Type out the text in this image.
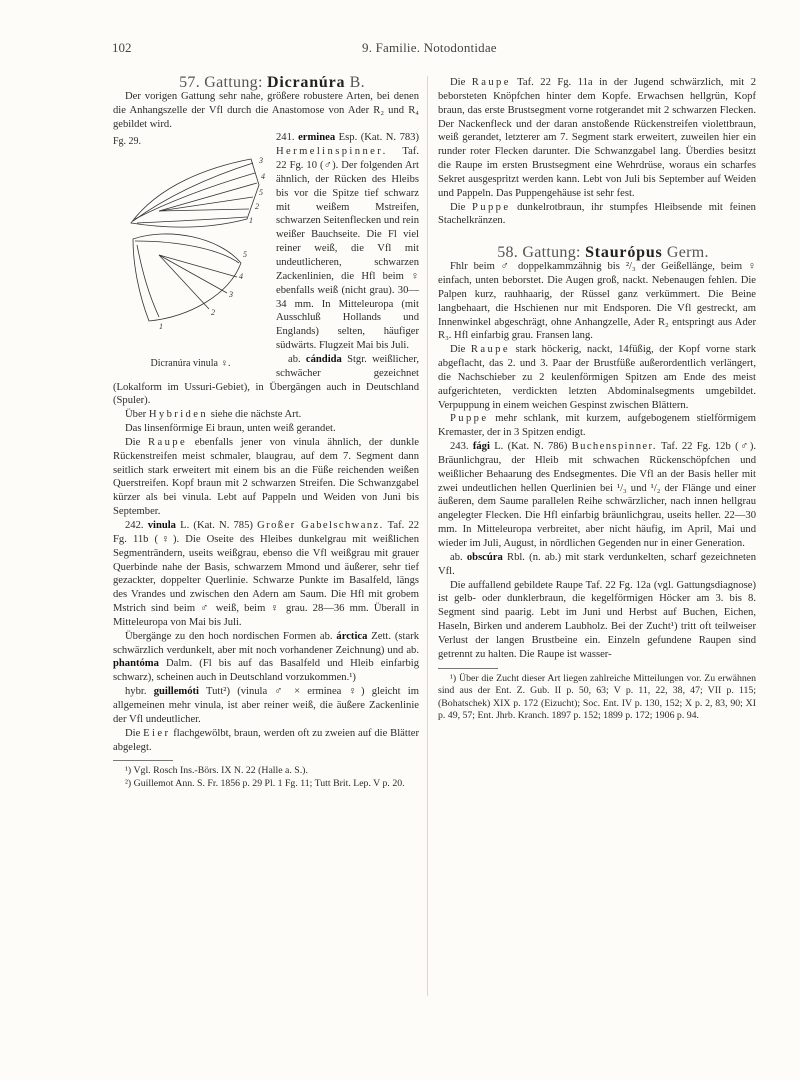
102	9. Familie. Notodontidae

57. Gattung: Dicranúra B.

Der vorigen Gattung sehr nahe, größere robustere Arten, bei denen die Anhangszelle der Vfl durch die Anastomose von Ader R₂ und R₄ gebildet wird.

Fg. 29.
3
4
5
2
1
5
4
3
2
1
Dicranúra vinula ♀.

241. erminea Esp. (Kat. N. 783) Hermelinspinner. Taf. 22 Fg. 10 (♂). Der folgenden Art ähnlich, der Rücken des Hleibs bis vor die Spitze tief schwarz mit weißem Mstreifen, schwarzen Seitenflecken und rein weißer Bauchseite. Die Fl viel reiner weiß, die Vfl mit undeutlicheren, schwarzen Zackenlinien, die Hfl beim ♀ ebenfalls weiß (nicht grau). 30—34 mm. In Mitteleuropa (mit Ausschluß Hollands und Englands) selten, häufiger südwärts. Flugzeit Mai bis Juli.

ab. cándida Stgr. weißlicher, schwächer gezeichnet (Lokalform im Ussuri-Gebiet), in Übergängen auch in Deutschland (Spuler).

Über Hybriden siehe die nächste Art.

Das linsenförmige Ei braun, unten weiß gerandet.

Die Raupe ebenfalls jener von vinula ähnlich, der dunkle Rückenstreifen meist schmaler, blaugrau, auf dem 7. Segment dann seitlich stark erweitert mit einem bis an die Füße reichenden weißen Querstreifen. Kopf braun mit 2 schwarzen Streifen. Die Schwanzgabel kürzer als bei vinula. Lebt auf Pappeln und Weiden von Juni bis September.

242. vinula L. (Kat. N. 785) Großer Gabelschwanz. Taf. 22 Fg. 11b (♀). Die Oseite des Hleibes dunkelgrau mit weißlichen Segmenträndern, useits weißgrau, ebenso die Vfl weißgrau mit grauer Querbinde nahe der Basis, schwarzem Mmond und äußerer, sehr tief gezackter, doppelter Querlinie. Schwarze Punkte im Basalfeld, längs des Vrandes und zwischen den Adern am Saum. Die Hfl mit grobem Mstrich sind beim ♂ weiß, beim ♀ grau. 28—36 mm. Überall in Mitteleuropa von Mai bis Juli.

Übergänge zu den hoch nordischen Formen ab. árctica Zett. (stark schwärzlich verdunkelt, aber mit noch vorhandener Zeichnung) und ab. phantóma Dalm. (Fl bis auf das Basalfeld und Hleib einfarbig schwarz), scheinen auch in Deutschland vorzukommen.¹)

hybr. guillemóti Tutt²) (vinula ♂ × erminea ♀) gleicht im allgemeinen mehr vinula, ist aber reiner weiß, die äußere Zackenlinie der Vfl undeutlicher.

Die Eier flachgewölbt, braun, werden oft zu zweien auf die Blätter abgelegt.

¹) Vgl. Rosch Ins.-Börs. IX N. 22 (Halle a. S.).

²) Guillemot Ann. S. Fr. 1856 p. 29 Pl. 1 Fg. 11; Tutt Brit. Lep. V p. 20.

Die Raupe Taf. 22 Fg. 11a in der Jugend schwärzlich, mit 2 beborsteten Knöpfchen hinter dem Kopfe. Erwachsen hellgrün, Kopf braun, das erste Brustsegment vorne rotgerandet mit 2 schwarzen Flecken. Der Nackenfleck und der daran anstoßende Rückenstreifen violettbraun, weiß gerandet, letzterer am 7. Segment stark erweitert, zuweilen hier ein runder roter Flecken darunter. Die Schwanzgabel lang. Überdies besitzt die Raupe im ersten Brustsegment eine Wehrdrüse, woraus ein scharfes Sekret ausgespritzt werden kann. Lebt von Juli bis September auf Weiden und Pappeln. Das Puppengehäuse ist sehr fest.

Die Puppe dunkelrotbraun, ihr stumpfes Hleibsende mit feinen Stachelkränzen.

58. Gattung: Staurópus Germ.

Fhlr beim ♂ doppelkammzähnig bis ²/₃ der Geißellänge, beim ♀ einfach, unten beborstet. Die Augen groß, nackt. Nebenaugen fehlen. Die Palpen kurz, rauhhaarig, der Rüssel ganz verkümmert. Die Beine langbehaart, die Hschienen nur mit Endsporen. Die Vfl gestreckt, am Innenwinkel abgeschrägt, ohne Anhangzelle, Ader R₂ entspringt aus Ader R₃. Hfl einfarbig grau. Fransen lang.

Die Raupe stark höckerig, nackt, 14füßig, der Kopf vorne stark abgeflacht, das 2. und 3. Paar der Brustfüße außerordentlich verlängert, die Nachschieber zu 2 keulenförmigen Spitzen am Ende des meist aufgerichteten, verdickten letzten Abdominalsegments umgebildet. Verpuppung in einem weichen Gespinst zwischen Blättern.

Puppe mehr schlank, mit kurzem, aufgebogenem stielförmigem Kremaster, der in 3 Spitzen endigt.

243. fági L. (Kat. N. 786) Buchenspinner. Taf. 22 Fg. 12b (♂). Bräunlichgrau, der Hleib mit schwachen Rückenschöpfchen und weißlicher Behaarung des Endsegmentes. Die Vfl an der Basis heller mit zwei undeutlichen hellen Querlinien bei ¹/₃ und ¹/₂ der Flänge und einer äußeren, dem Saume parallelen Reihe schwärzlicher, nach innen hellgrau angelegter Flecken. Die Hfl einfarbig bräunlichgrau, useits heller. 22—30 mm. In Mitteleuropa verbreitet, aber nicht häufig, im April, Mai und wieder im Juli, August, in nördlichen Gegenden nur in einer Generation.

ab. obscúra Rbl. (n. ab.) mit stark verdunkelten, scharf gezeichneten Vfl.

Die auffallend gebildete Raupe Taf. 22 Fg. 12a (vgl. Gattungsdiagnose) ist gelb- oder dunklerbraun, die kegelförmigen Höcker am 3. bis 8. Segment sind paarig. Lebt im Juni und Herbst auf Buchen, Eichen, Haseln, Birken und anderem Laubholz. Bei der Zucht¹) tritt oft teilweiser Verlust der langen Brustbeine ein. Einzeln gefundene Raupen sind getrennt zu halten. Die Raupe ist wasser-

¹) Über die Zucht dieser Art liegen zahlreiche Mitteilungen vor. Zu erwähnen sind aus der Ent. Z. Gub. II p. 50, 63; V p. 11, 22, 38, 47; VII p. 115; (Bohatschek) XIX p. 172 (Eizucht); Soc. Ent. IV p. 130, 152; X p. 2, 83, 90; XI p. 49, 57; Ent. Jhrb. Kranch. 1897 p. 152; 1899 p. 172; 1906 p. 94.
